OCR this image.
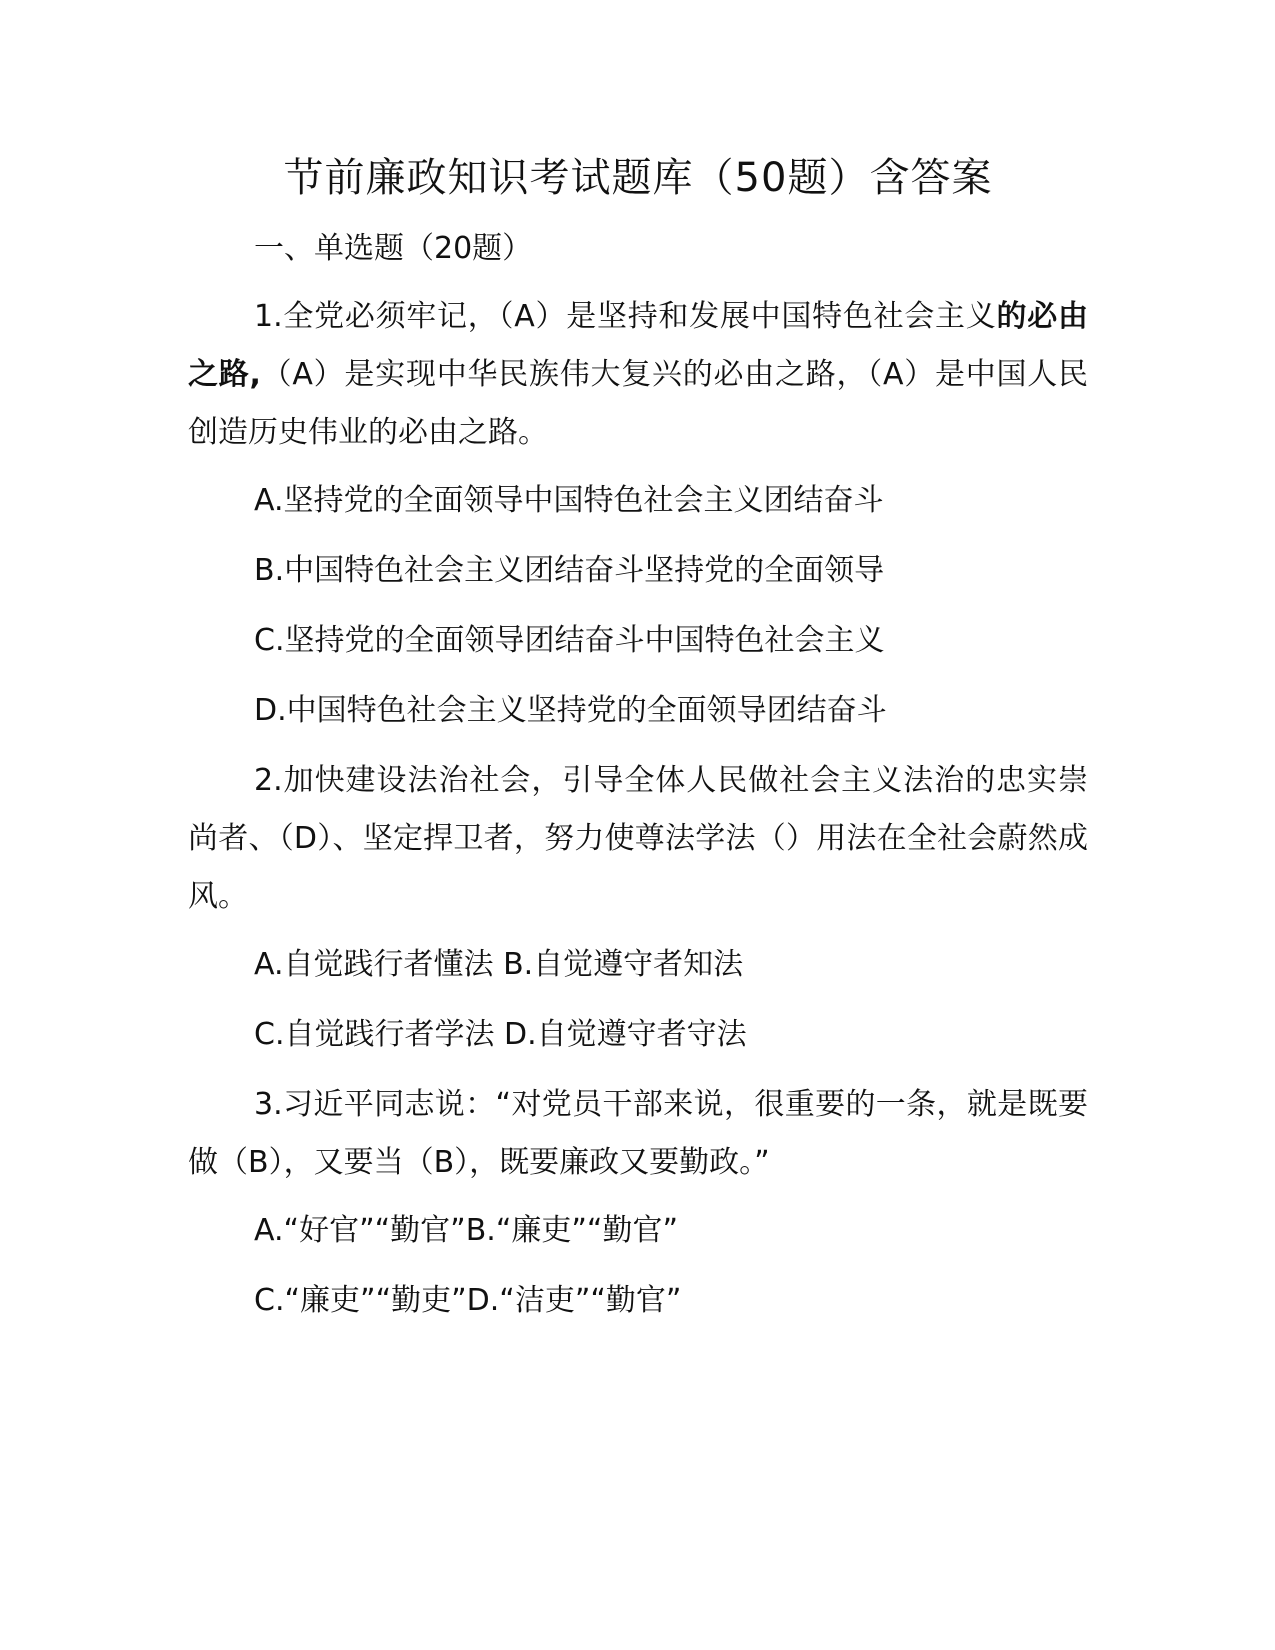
节前廉政知识考试题库（50题）含答案

一、单选题（20题）

1.全党必须牢记，（A）是坚持和发展中国特色社会主义的必由之路,（A）是实现中华民族伟大复兴的必由之路，（A）是中国人民创造历史伟业的必由之路。

A.坚持党的全面领导中国特色社会主义团结奋斗

B.中国特色社会主义团结奋斗坚持党的全面领导

C.坚持党的全面领导团结奋斗中国特色社会主义

D.中国特色社会主义坚持党的全面领导团结奋斗

2.加快建设法治社会，引导全体人民做社会主义法治的忠实崇尚者、（D）、坚定捍卫者，努力使尊法学法（）用法在全社会蔚然成风。

A.自觉践行者懂法 B.自觉遵守者知法

C.自觉践行者学法 D.自觉遵守者守法

3.习近平同志说：“对党员干部来说，很重要的一条，就是既要做（B），又要当（B），既要廉政又要勤政。”

A.“好官”“勤官”B.“廉吏”“勤官”

C.“廉吏”“勤吏”D.“洁吏”“勤官”
